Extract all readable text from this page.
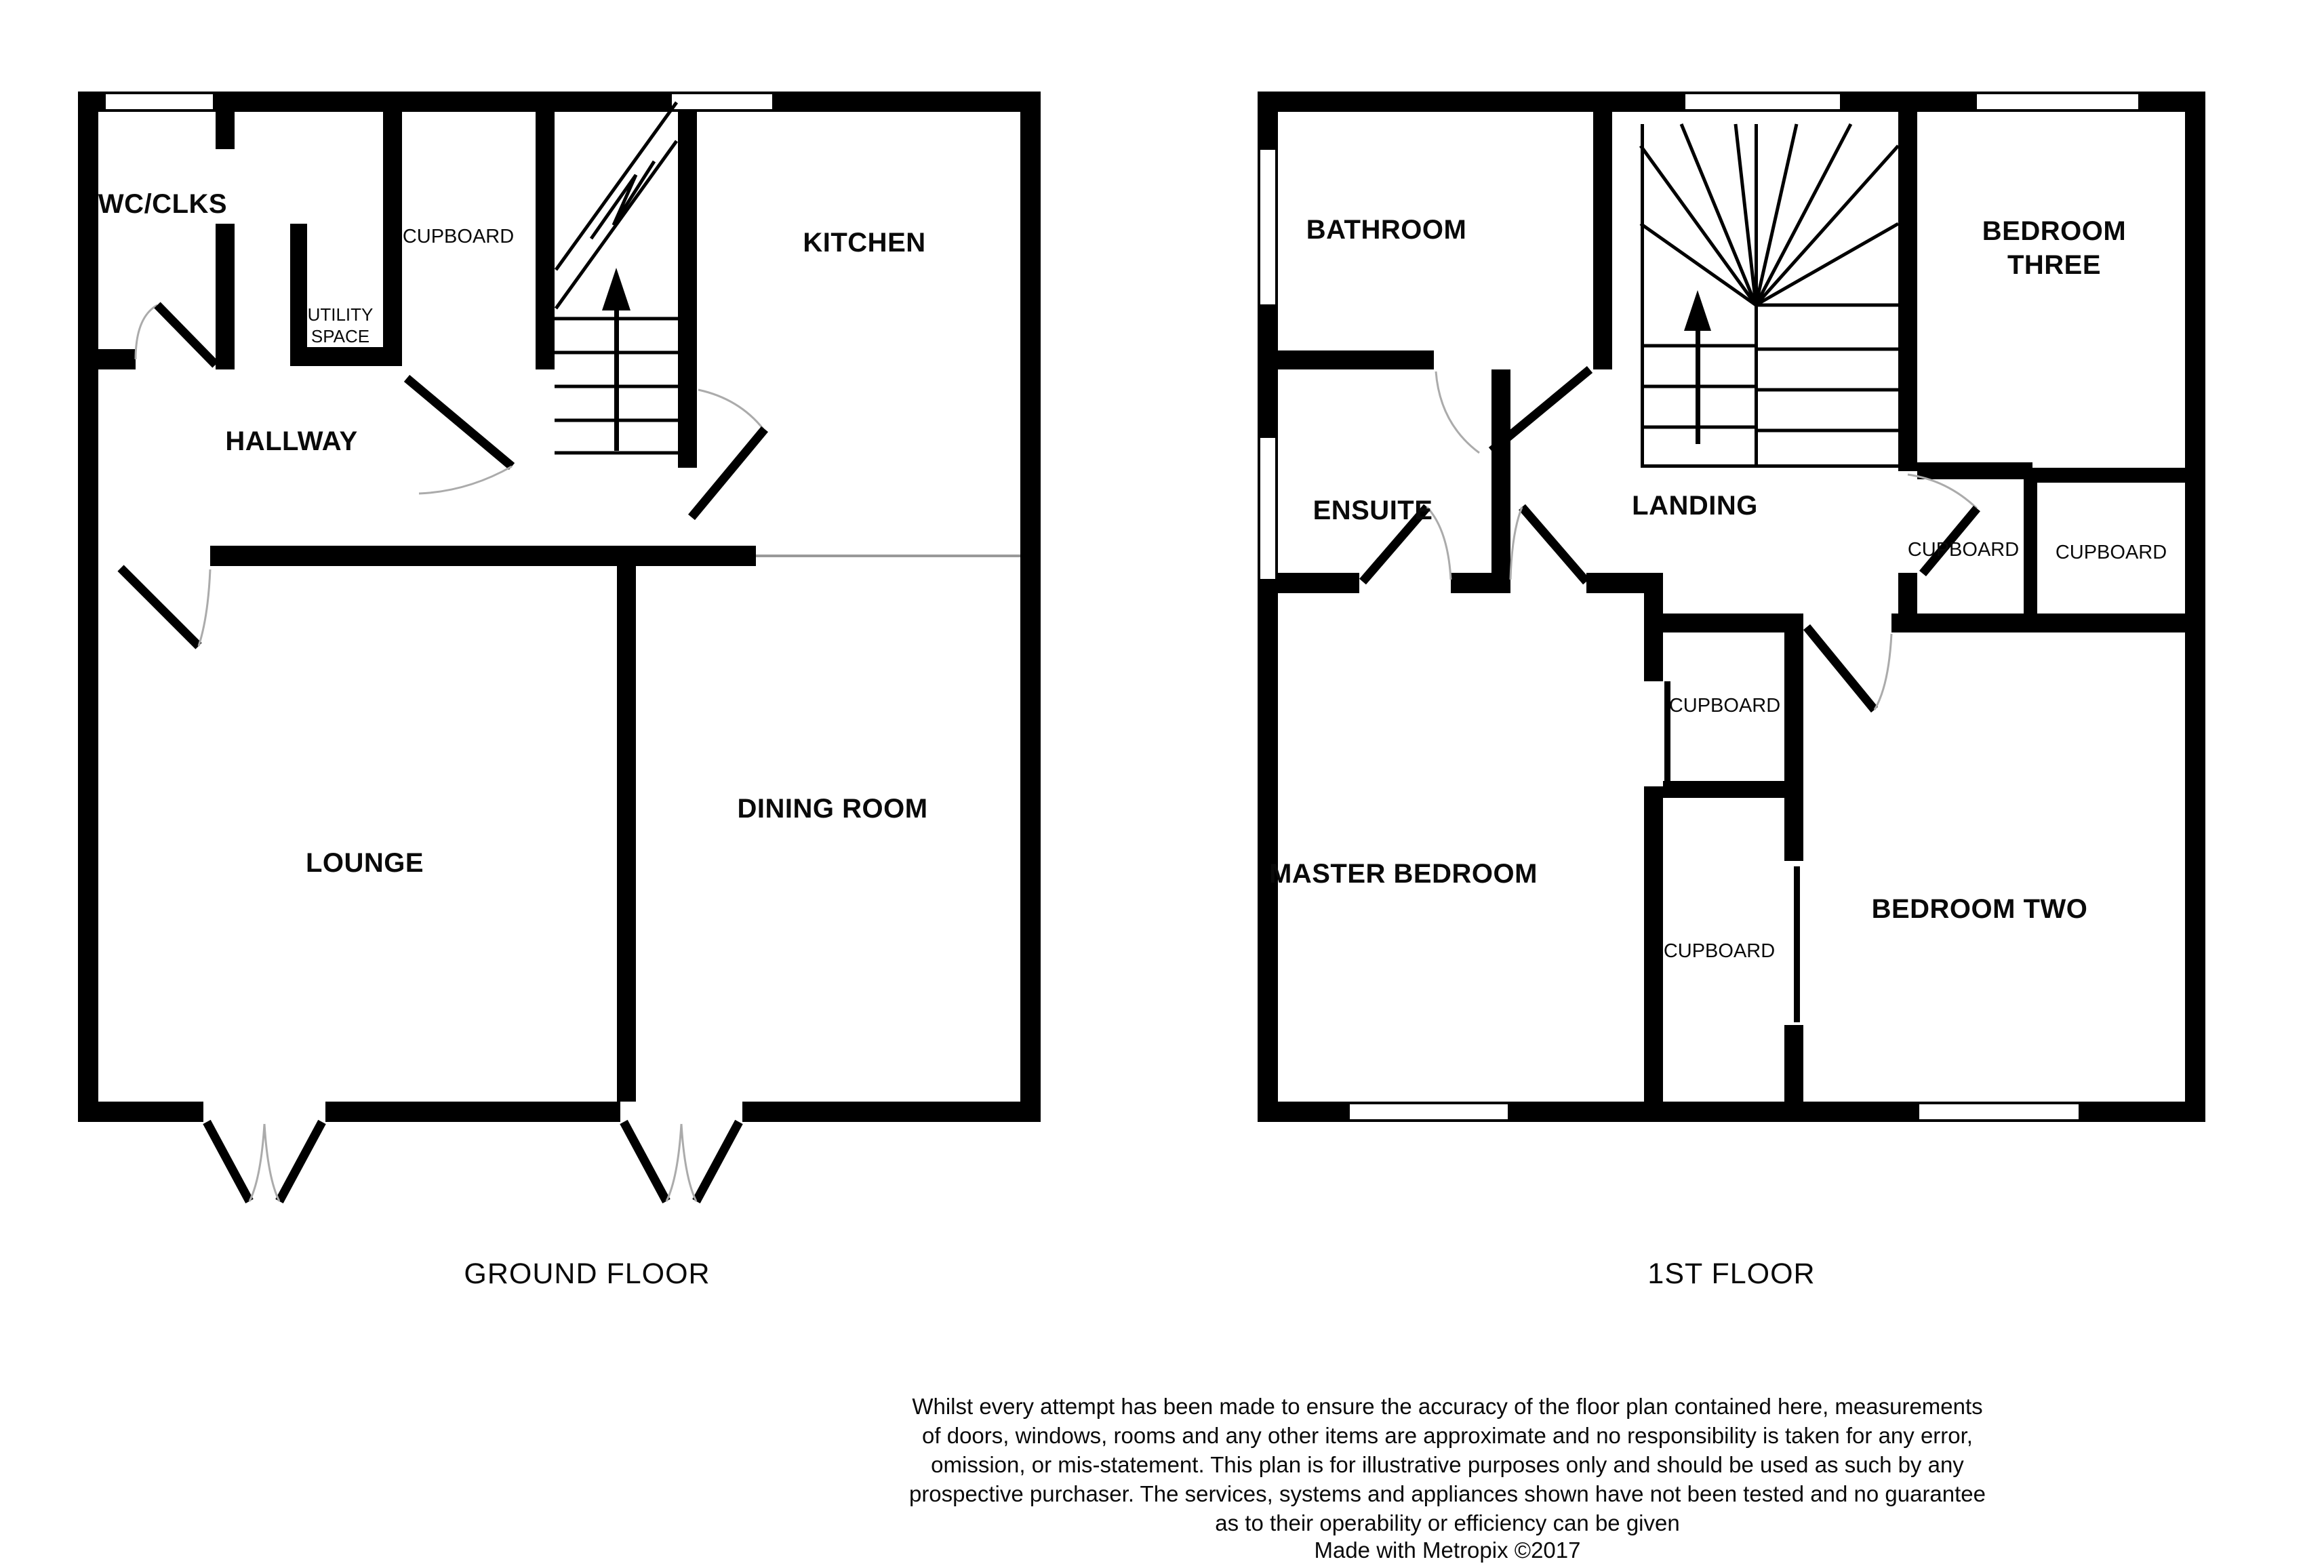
WC/CLKS
CUPBOARD
UTILITY
SPACE
KITCHEN
HALLWAY
LOUNGE
DINING ROOM
GROUND FLOOR
BATHROOM	BEDROOM
THREE
ENSUITE	LANDING
CUPBOARD CUPBOARD
CUPBOARD
MASTER BEDROOM
CUPBOARD
BEDROOM TWO
1ST FLOOR
Whilst every attempt has been made to ensure the accuracy of the floor plan contained here, measurements
of doors, windows, rooms and any other items are approximate and no responsibility is taken for any error,
omission, or mis-statement. This plan is for illustrative purposes only and should be used as such by any
prospective purchaser. The services, systems and appliances shown have not been tested and no guarantee
as to their operability or efficiency can be given
Made with Metropix ©2017
